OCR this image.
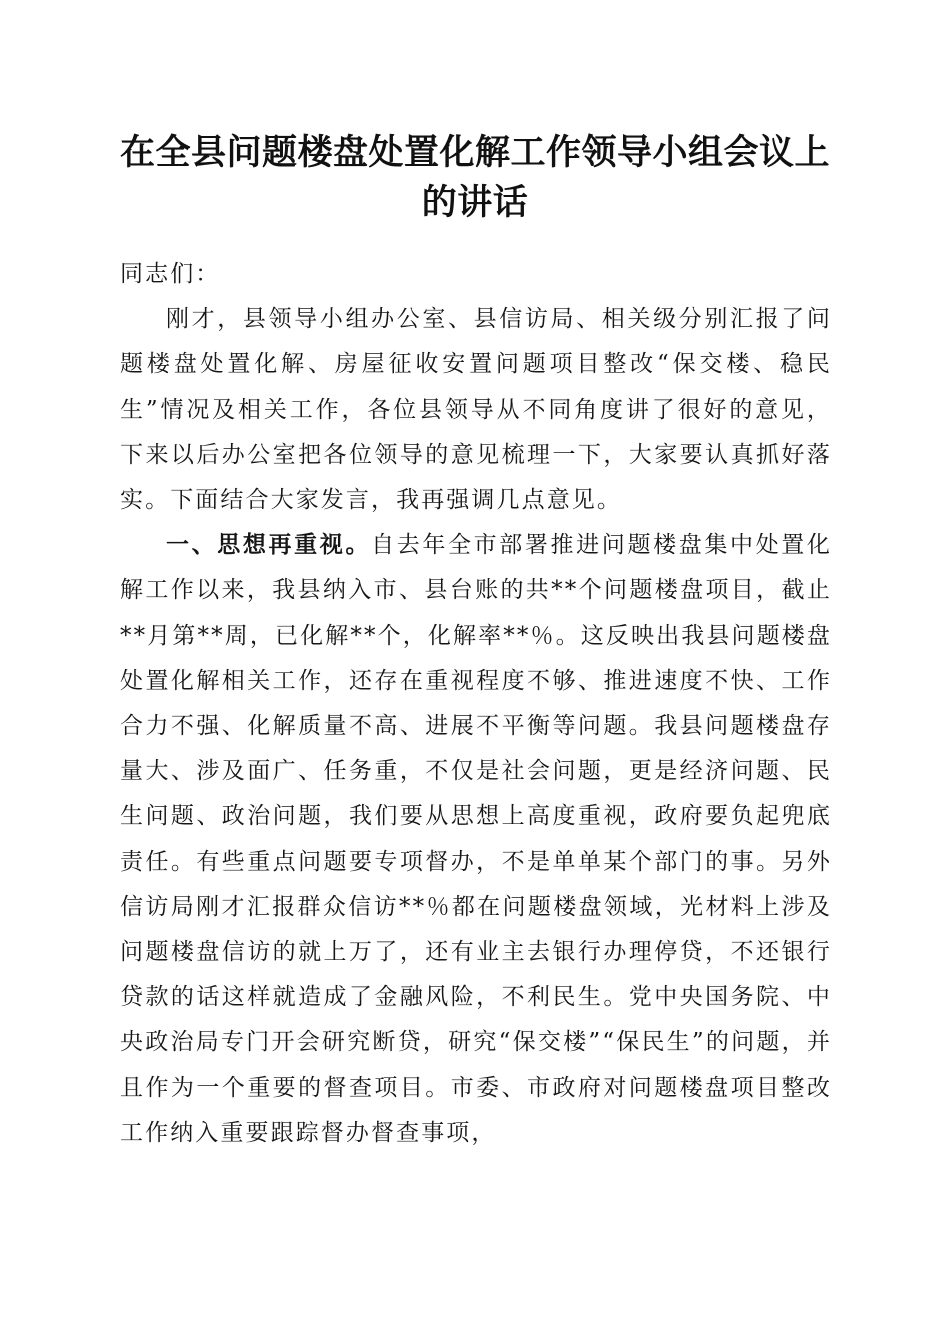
在全县问题楼盘处置化解工作领导小组会议上的讲话

同志们：

刚才，县领导小组办公室、县信访局、相关级分别汇报了问题楼盘处置化解、房屋征收安置问题项目整改“保交楼、稳民生”情况及相关工作，各位县领导从不同角度讲了很好的意见，下来以后办公室把各位领导的意见梳理一下，大家要认真抓好落实。下面结合大家发言，我再强调几点意见。

一、思想再重视。自去年全市部署推进问题楼盘集中处置化解工作以来，我县纳入市、县台账的共**个问题楼盘项目，截止**月第**周，已化解**个，化解率**％。这反映出我县问题楼盘处置化解相关工作，还存在重视程度不够、推进速度不快、工作合力不强、化解质量不高、进展不平衡等问题。我县问题楼盘存量大、涉及面广、任务重，不仅是社会问题，更是经济问题、民生问题、政治问题，我们要从思想上高度重视，政府要负起兜底责任。有些重点问题要专项督办，不是单单某个部门的事。另外信访局刚才汇报群众信访**％都在问题楼盘领域，光材料上涉及问题楼盘信访的就上万了，还有业主去银行办理停贷，不还银行贷款的话这样就造成了金融风险，不利民生。党中央国务院、中央政治局专门开会研究断贷，研究“保交楼”“保民生”的问题，并且作为一个重要的督查项目。市委、市政府对问题楼盘项目整改工作纳入重要跟踪督办督查事项，
